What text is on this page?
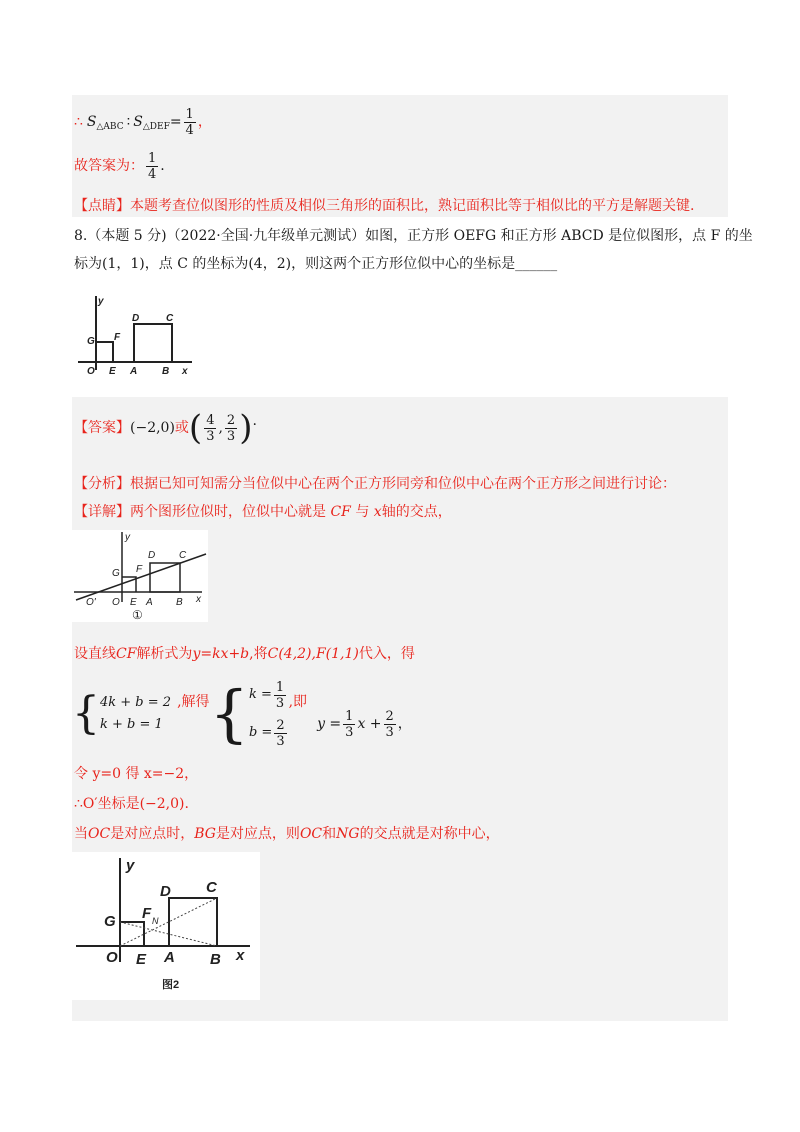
∴ S △ABC ∶ S △DEF = $\frac{1}{4}$ ，
故答案为： $\frac{1}{4}$ .
【点睛】本题考查位似图形的性质及相似三角形的面积比，熟记面积比等于相似比的平方是解题关键.
8.（本题 5 分)（2022·全国·九年级单元测试）如图，正方形 OEFG 和正方形 ABCD 是位似图形，点 F 的坐
标为(1，1)，点 C 的坐标为(4，2)，则这两个正方形位似中心的坐标是______
y
D	C
G F
O E A B x
【答案】 (−2,0) 或 ( $\frac{4}{3}$ , $\frac{2}{3}$ ) .
【分析】根据已知可知需分当位似中心在两个正方形同旁和位似中心在两个正方形之间进行讨论：
【详解】两个图形位似时，位似中心就是 CF 与 x轴的交点，
y
D C
G F
O' O E A B x
①
设直线CF解析式为y=kx+b,将C(4,2),F(1,1)代入，得
{ 4k + b = 2
k + b = 1
,解得 { $k = \frac{1}{3}$
$b = \frac{2}{3}$
,即
$y = \frac{1}{3}$ $x + \frac{2}{3}$ ，
令 y=0 得 x=−2，
∴O′坐标是(−2,0).
当OC是对应点时，BG是对应点，则OC和NG的交点就是对称中心，
y
D C
G F N
O E A B x
图2
